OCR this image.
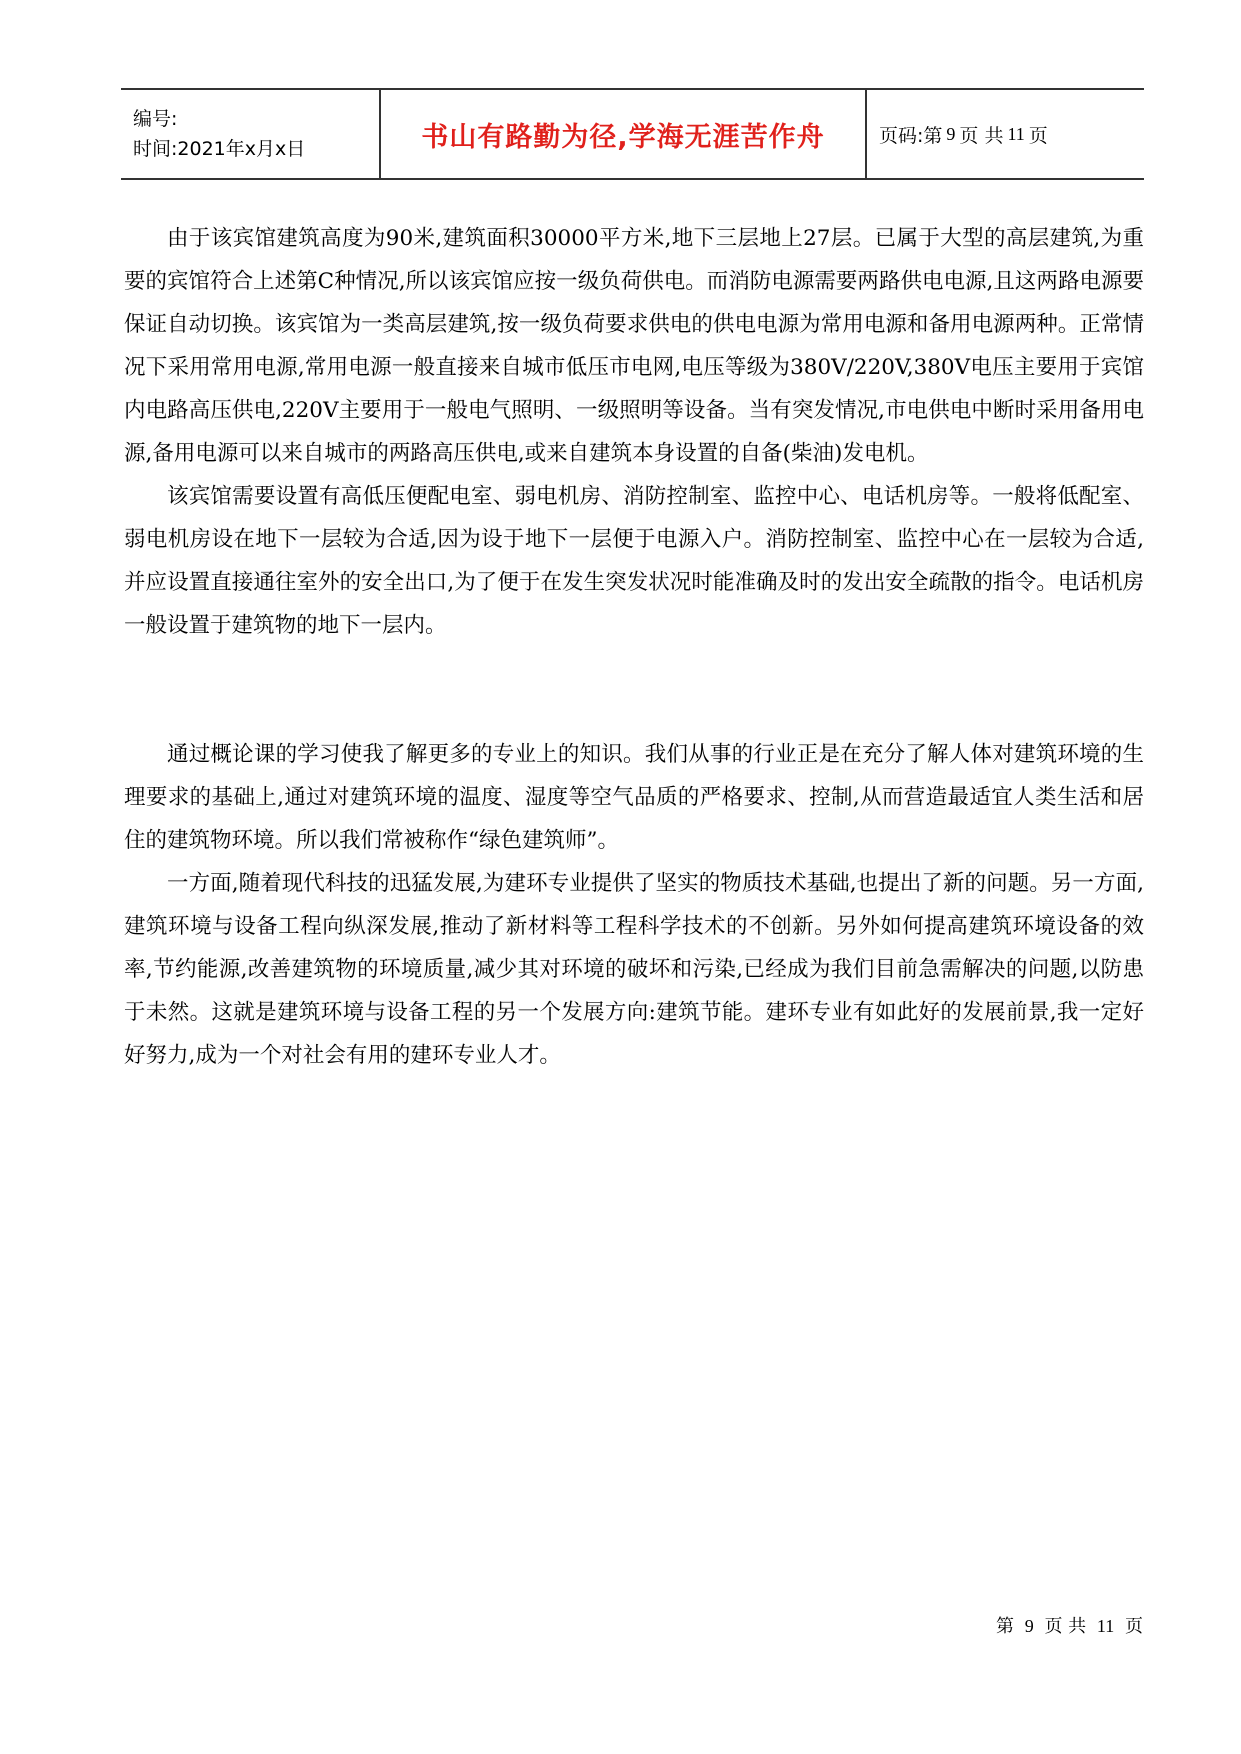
编号:
时间:2021年x月x日	书山有路勤为径,学海无涯苦作舟	页码:第 9 页 共 11 页

由于该宾馆建筑高度为90米,建筑面积30000平方米,地下三层地上27层。已属于大型的高层建筑,为重要的宾馆符合上述第C种情况,所以该宾馆应按一级负荷供电。而消防电源需要两路供电电源,且这两路电源要保证自动切换。该宾馆为一类高层建筑,按一级负荷要求供电的供电电源为常用电源和备用电源两种。正常情况下采用常用电源,常用电源一般直接来自城市低压市电网,电压等级为380V/220V,380V电压主要用于宾馆内电路高压供电,220V主要用于一般电气照明、一级照明等设备。当有突发情况,市电供电中断时采用备用电源,备用电源可以来自城市的两路高压供电,或来自建筑本身设置的自备(柴油)发电机。

该宾馆需要设置有高低压便配电室、弱电机房、消防控制室、监控中心、电话机房等。一般将低配室、弱电机房设在地下一层较为合适,因为设于地下一层便于电源入户。消防控制室、监控中心在一层较为合适,并应设置直接通往室外的安全出口,为了便于在发生突发状况时能准确及时的发出安全疏散的指令。电话机房一般设置于建筑物的地下一层内。

通过概论课的学习使我了解更多的专业上的知识。我们从事的行业正是在充分了解人体对建筑环境的生理要求的基础上,通过对建筑环境的温度、湿度等空气品质的严格要求、控制,从而营造最适宜人类生活和居住的建筑物环境。所以我们常被称作“绿色建筑师”。

一方面,随着现代科技的迅猛发展,为建环专业提供了坚实的物质技术基础,也提出了新的问题。另一方面,建筑环境与设备工程向纵深发展,推动了新材料等工程科学技术的不创新。另外如何提高建筑环境设备的效率,节约能源,改善建筑物的环境质量,减少其对环境的破坏和污染,已经成为我们目前急需解决的问题,以防患于未然。这就是建筑环境与设备工程的另一个发展方向:建筑节能。建环专业有如此好的发展前景,我一定好好努力,成为一个对社会有用的建环专业人才。

第 9 页 共 11 页
